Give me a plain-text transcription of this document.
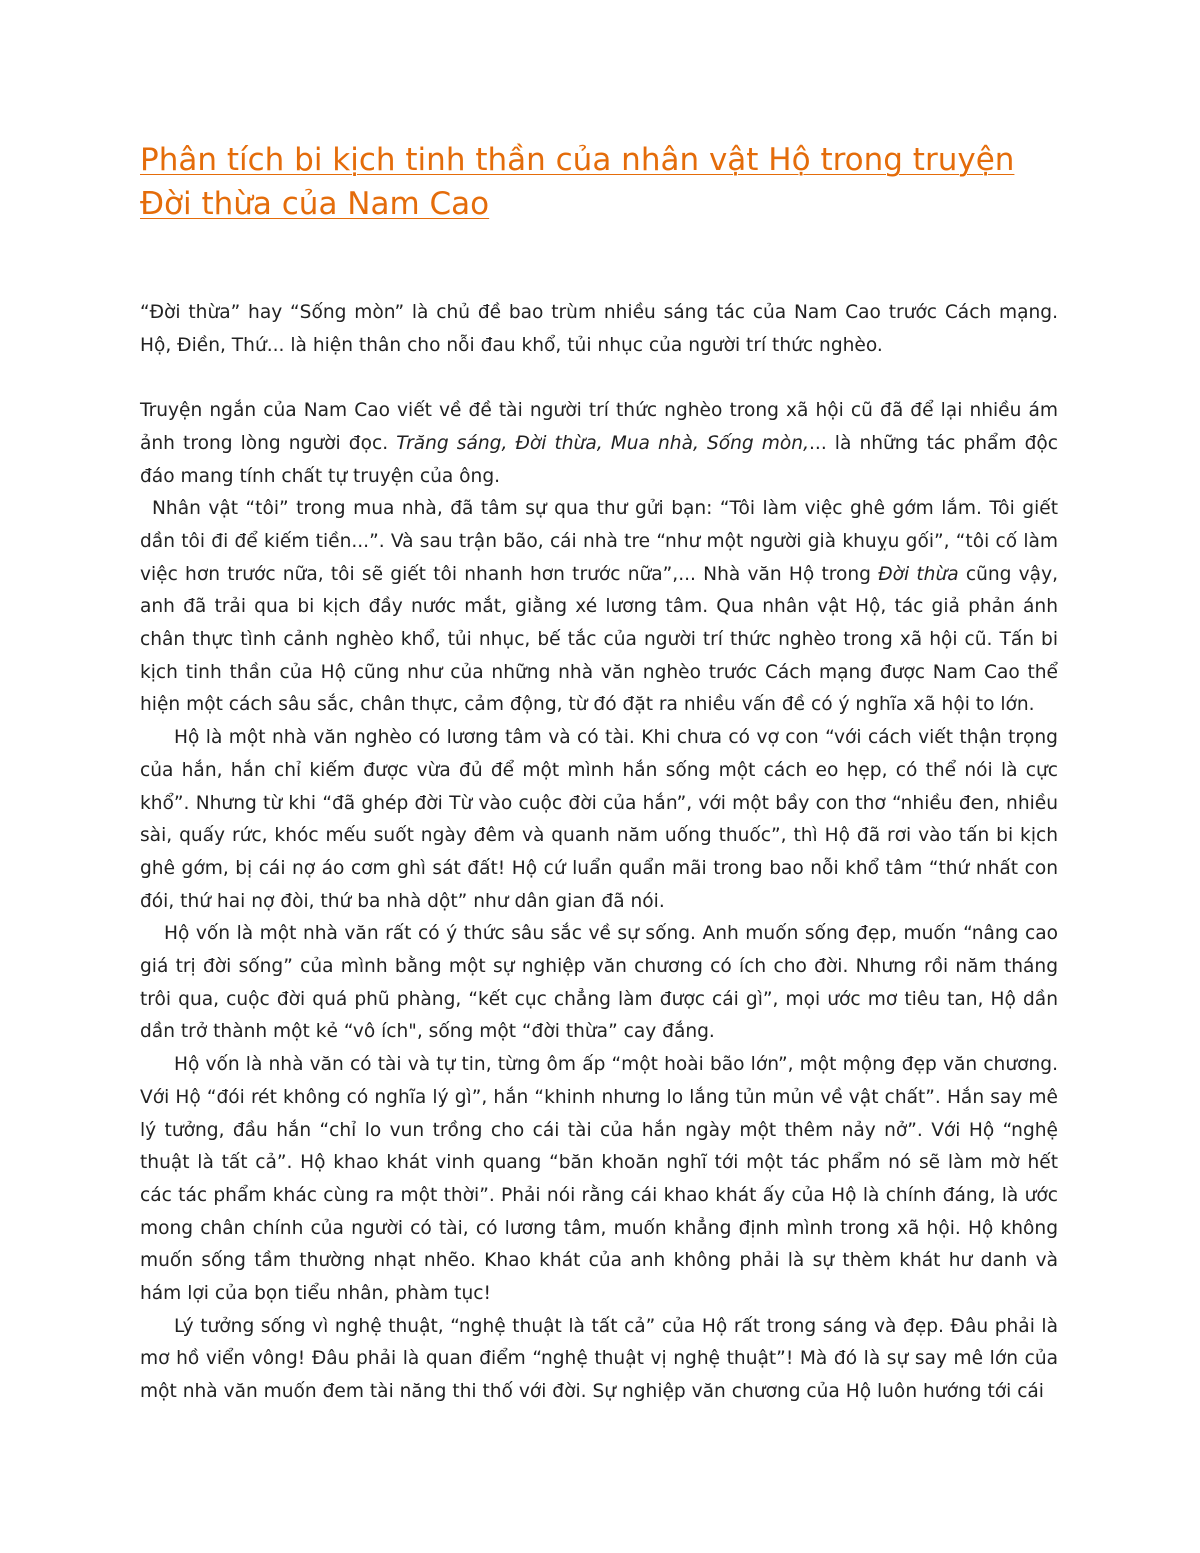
Phân tích bi kịch tinh thần của nhân vật Hộ trong truyện Đời thừa của Nam Cao

“Đời thừa” hay “Sống mòn” là chủ đề bao trùm nhiều sáng tác của Nam Cao trước Cách mạng. Hộ, Điền, Thứ... là hiện thân cho nỗi đau khổ, tủi nhục của người trí thức nghèo.

Truyện ngắn của Nam Cao viết về đề tài người trí thức nghèo trong xã hội cũ đã để lại nhiều ám ảnh trong lòng người đọc. Trăng sáng, Đời thừa, Mua nhà, Sống mòn,... là những tác phẩm độc đáo mang tính chất tự truyện của ông.

Nhân vật “tôi” trong mua nhà, đã tâm sự qua thư gửi bạn: “Tôi làm việc ghê gớm lắm. Tôi giết dần tôi đi để kiếm tiền...”. Và sau trận bão, cái nhà tre “như một người già khuỵu gối”, “tôi cố làm việc hơn trước nữa, tôi sẽ giết tôi nhanh hơn trước nữa”,... Nhà văn Hộ trong Đời thừa cũng vậy, anh đã trải qua bi kịch đầy nước mắt, giằng xé lương tâm. Qua nhân vật Hộ, tác giả phản ánh chân thực tình cảnh nghèo khổ, tủi nhục, bế tắc của người trí thức nghèo trong xã hội cũ. Tấn bi kịch tinh thần của Hộ cũng như của những nhà văn nghèo trước Cách mạng được Nam Cao thể hiện một cách sâu sắc, chân thực, cảm động, từ đó đặt ra nhiều vấn đề có ý nghĩa xã hội to lớn.

Hộ là một nhà văn nghèo có lương tâm và có tài. Khi chưa có vợ con “với cách viết thận trọng của hắn, hắn chỉ kiếm được vừa đủ để một mình hắn sống một cách eo hẹp, có thể nói là cực khổ”. Nhưng từ khi “đã ghép đời Từ vào cuộc đời của hắn”, với một bầy con thơ “nhiều đen, nhiều sài, quấy rức, khóc mếu suốt ngày đêm và quanh năm uống thuốc”, thì Hộ đã rơi vào tấn bi kịch ghê gớm, bị cái nợ áo cơm ghì sát đất! Hộ cứ luẩn quẩn mãi trong bao nỗi khổ tâm “thứ nhất con đói, thứ hai nợ đòi, thứ ba nhà dột” như dân gian đã nói.

Hộ vốn là một nhà văn rất có ý thức sâu sắc về sự sống. Anh muốn sống đẹp, muốn “nâng cao giá trị đời sống” của mình bằng một sự nghiệp văn chương có ích cho đời. Nhưng rồi năm tháng trôi qua, cuộc đời quá phũ phàng, “kết cục chẳng làm được cái gì”, mọi ước mơ tiêu tan, Hộ dần dần trở thành một kẻ “vô ích", sống một “đời thừa” cay đắng.

Hộ vốn là nhà văn có tài và tự tin, từng ôm ấp “một hoài bão lớn”, một mộng đẹp văn chương. Với Hộ “đói rét không có nghĩa lý gì”, hắn “khinh nhưng lo lắng tủn mủn về vật chất”. Hắn say mê lý tưởng, đầu hắn “chỉ lo vun trồng cho cái tài của hắn ngày một thêm nảy nở”. Với Hộ “nghệ thuật là tất cả”. Hộ khao khát vinh quang “băn khoăn nghĩ tới một tác phẩm nó sẽ làm mờ hết các tác phẩm khác cùng ra một thời”. Phải nói rằng cái khao khát ấy của Hộ là chính đáng, là ước mong chân chính của người có tài, có lương tâm, muốn khẳng định mình trong xã hội. Hộ không muốn sống tầm thường nhạt nhẽo. Khao khát của anh không phải là sự thèm khát hư danh và hám lợi của bọn tiểu nhân, phàm tục!

Lý tưởng sống vì nghệ thuật, “nghệ thuật là tất cả” của Hộ rất trong sáng và đẹp. Đâu phải là mơ hồ viển vông! Đâu phải là quan điểm “nghệ thuật vị nghệ thuật”! Mà đó là sự say mê lớn của một nhà văn muốn đem tài năng thi thố với đời. Sự nghiệp văn chương của Hộ luôn hướng tới cái
